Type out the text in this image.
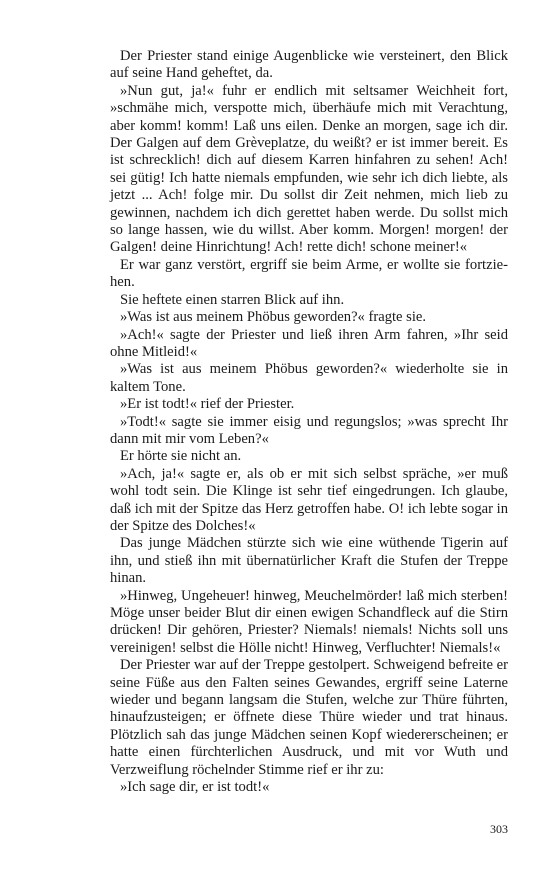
Der Priester stand einige Augenblicke wie versteinert, den Blick auf seine Hand geheftet, da.

»Nun gut, ja!« fuhr er endlich mit seltsamer Weichheit fort, »schmähe mich, verspotte mich, überhäufe mich mit Verachtung, aber komm! komm! Laß uns eilen. Denke an morgen, sage ich dir. Der Galgen auf dem Grèveplatze, du weißt? er ist immer bereit. Es ist schrecklich! dich auf diesem Karren hinfahren zu sehen! Ach! sei gütig! Ich hatte niemals empfunden, wie sehr ich dich liebte, als jetzt ... Ach! folge mir. Du sollst dir Zeit nehmen, mich lieb zu gewinnen, nachdem ich dich gerettet haben werde. Du sollst mich so lange hassen, wie du willst. Aber komm. Morgen! morgen! der Galgen! deine Hinrichtung! Ach! rette dich! schone meiner!«

Er war ganz verstört, ergriff sie beim Arme, er wollte sie fortziehen.

Sie heftete einen starren Blick auf ihn.

»Was ist aus meinem Phöbus geworden?« fragte sie.

»Ach!« sagte der Priester und ließ ihren Arm fahren, »Ihr seid ohne Mitleid!«

»Was ist aus meinem Phöbus geworden?« wiederholte sie in kaltem Tone.

»Er ist todt!« rief der Priester.

»Todt!« sagte sie immer eisig und regungslos; »was sprecht Ihr dann mit mir vom Leben?«

Er hörte sie nicht an.

»Ach, ja!« sagte er, als ob er mit sich selbst spräche, »er muß wohl todt sein. Die Klinge ist sehr tief eingedrungen. Ich glaube, daß ich mit der Spitze das Herz getroffen habe. O! ich lebte sogar in der Spitze des Dolches!«

Das junge Mädchen stürzte sich wie eine wüthende Tigerin auf ihn, und stieß ihn mit übernatürlicher Kraft die Stufen der Treppe hinan.

»Hinweg, Ungeheuer! hinweg, Meuchelmörder! laß mich sterben! Möge unser beider Blut dir einen ewigen Schandfleck auf die Stirn drücken! Dir gehören, Priester? Niemals! niemals! Nichts soll uns vereinigen! selbst die Hölle nicht! Hinweg, Verfluchter! Niemals!«

Der Priester war auf der Treppe gestolpert. Schweigend befreite er seine Füße aus den Falten seines Gewandes, ergriff seine Laterne wieder und begann langsam die Stufen, welche zur Thüre führten, hinaufzusteigen; er öffnete diese Thüre wieder und trat hinaus. Plötzlich sah das junge Mädchen seinen Kopf wiedererscheinen; er hatte einen fürchterlichen Ausdruck, und mit vor Wuth und Verzweiflung röchelnder Stimme rief er ihr zu:

»Ich sage dir, er ist todt!«

303
